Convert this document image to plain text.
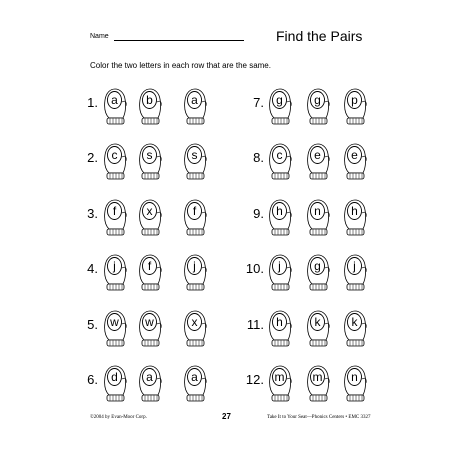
Name	Find the Pairs
Color the two letters in each row that are the same.
1.	a	b	a
2.	c	s	s
3.	f	x	f
4.	j	f	j
5.	w	w	x
6.	d	a	a
7.	g	g	p
8.	c	e	e
9.	h	n	h
10.	j	g	j
11.	h	k	k
12. m	m	n
©2004 by Evan-Moor Corp.	27	Take It to Your Seat—Phonics Centers • EMC 3327
